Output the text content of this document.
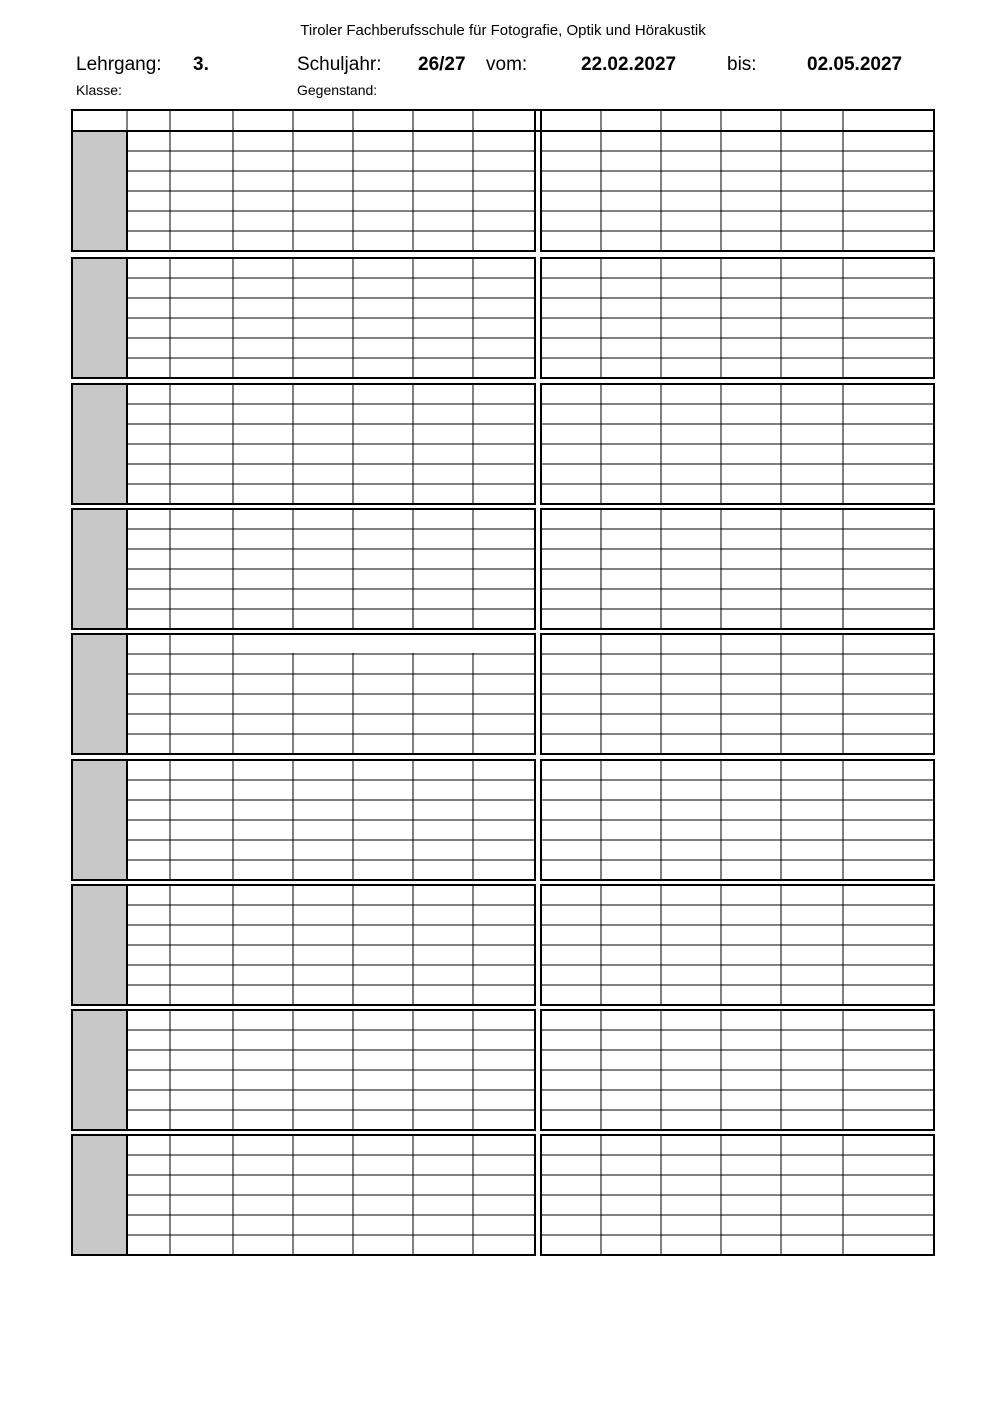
Tiroler Fachberufsschule für Fotografie, Optik und Hörakustik
Lehrgang: 3.	Schuljahr: 26/27 vom:	22.02.2027	bis:	02.05.2027
Klasse:	Gegenstand:
